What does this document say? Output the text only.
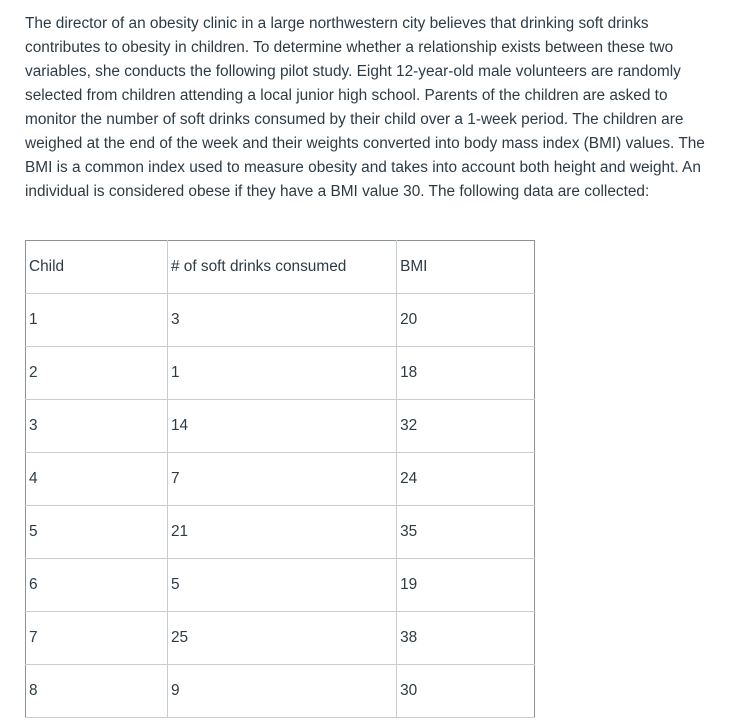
The director of an obesity clinic in a large northwestern city believes that drinking soft drinks contributes to obesity in children. To determine whether a relationship exists between these two variables, she conducts the following pilot study. Eight 12-year-old male volunteers are randomly selected from children attending a local junior high school. Parents of the children are asked to monitor the number of soft drinks consumed by their child over a 1-week period. The children are weighed at the end of the week and their weights converted into body mass index (BMI) values. The BMI is a common index used to measure obesity and takes into account both height and weight. An individual is considered obese if they have a BMI value 30. The following data are collected:

Child	# of soft drinks consumed	BMI
1	3	20
2	1	18
3	14	32
4	7	24
5	21	35
6	5	19
7	25	38
8	9	30
